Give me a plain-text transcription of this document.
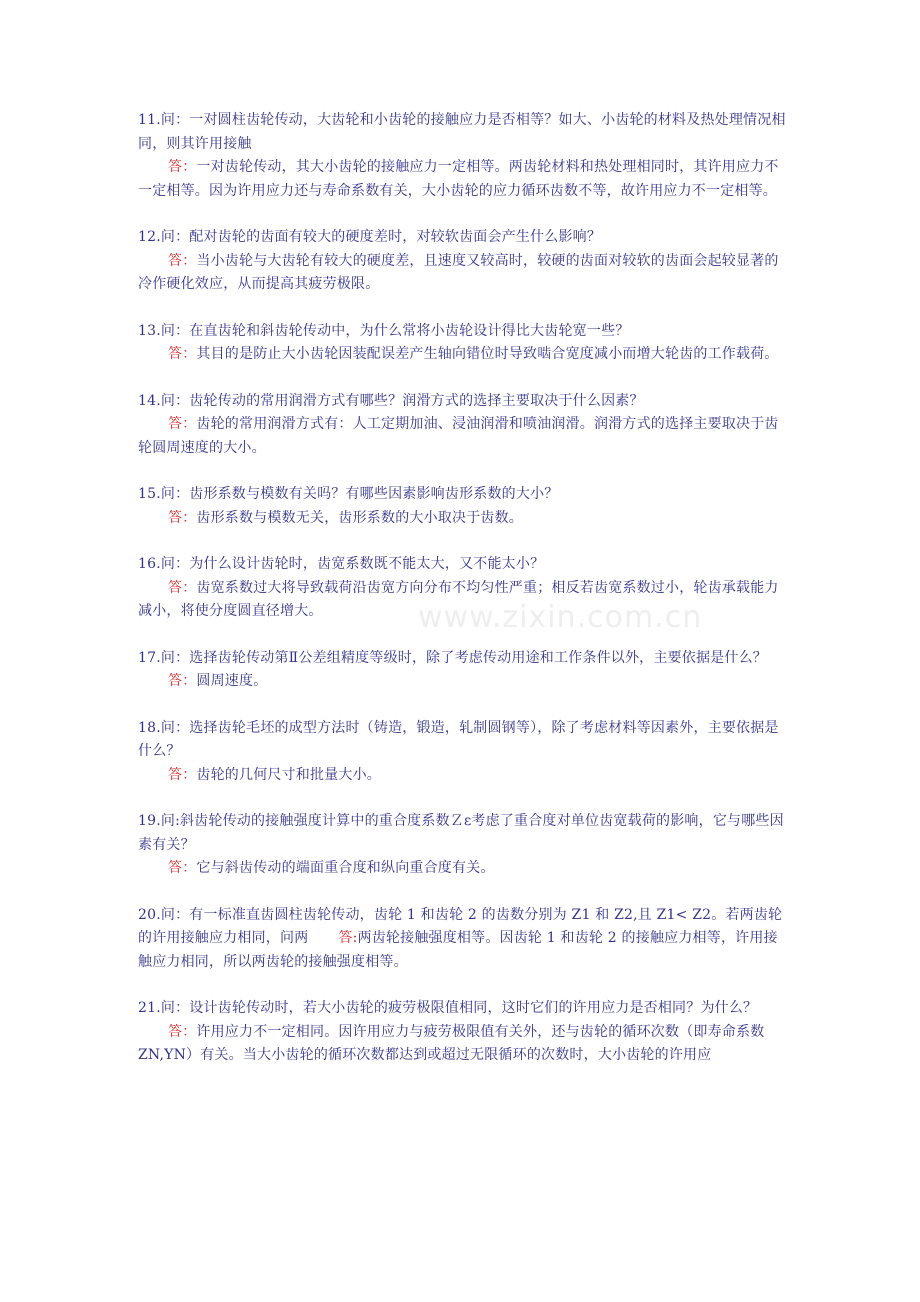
www.zixin.com.cn

11.问：一对圆柱齿轮传动，大齿轮和小齿轮的接触应力是否相等？如大、小齿轮的材料及热处理情况相同，则其许用接触

答：一对齿轮传动，其大小齿轮的接触应力一定相等。两齿轮材料和热处理相同时，其许用应力不一定相等。因为许用应力还与寿命系数有关，大小齿轮的应力循环齿数不等，故许用应力不一定相等。

12.问：配对齿轮的齿面有较大的硬度差时，对较软齿面会产生什么影响？

答：当小齿轮与大齿轮有较大的硬度差，且速度又较高时，较硬的齿面对较软的齿面会起较显著的冷作硬化效应，从而提高其疲劳极限。

13.问：在直齿轮和斜齿轮传动中，为什么常将小齿轮设计得比大齿轮宽一些？

答：其目的是防止大小齿轮因装配误差产生轴向错位时导致啮合宽度减小而增大轮齿的工作载荷。

14.问：齿轮传动的常用润滑方式有哪些？润滑方式的选择主要取决于什么因素？

答：齿轮的常用润滑方式有：人工定期加油、浸油润滑和喷油润滑。润滑方式的选择主要取决于齿轮圆周速度的大小。

15.问：齿形系数与模数有关吗？有哪些因素影响齿形系数的大小？

答：齿形系数与模数无关，齿形系数的大小取决于齿数。

16.问：为什么设计齿轮时，齿宽系数既不能太大，又不能太小？

答：齿宽系数过大将导致载荷沿齿宽方向分布不均匀性严重；相反若齿宽系数过小，轮齿承载能力减小，将使分度圆直径增大。

17.问：选择齿轮传动第Ⅱ公差组精度等级时，除了考虑传动用途和工作条件以外，主要依据是什么？

答：圆周速度。

18.问：选择齿轮毛坯的成型方法时（铸造，锻造，轧制圆钢等），除了考虑材料等因素外，主要依据是什么？

答：齿轮的几何尺寸和批量大小。

19.问:斜齿轮传动的接触强度计算中的重合度系数Ｚε考虑了重合度对单位齿宽载荷的影响，它与哪些因素有关？

答：它与斜齿传动的端面重合度和纵向重合度有关。

20.问：有一标准直齿圆柱齿轮传动，齿轮 1 和齿轮 2 的齿数分别为 Z1 和 Z2,且 Z1< Z2。若两齿轮的许用接触应力相同，问两 答:两齿轮接触强度相等。因齿轮 1 和齿轮 2 的接触应力相等，许用接触应力相同，所以两齿轮的接触强度相等。

21.问：设计齿轮传动时，若大小齿轮的疲劳极限值相同，这时它们的许用应力是否相同？为什么？

答：许用应力不一定相同。因许用应力与疲劳极限值有关外，还与齿轮的循环次数（即寿命系数 ZN,YN）有关。当大小齿轮的循环次数都达到或超过无限循环的次数时，大小齿轮的许用应
